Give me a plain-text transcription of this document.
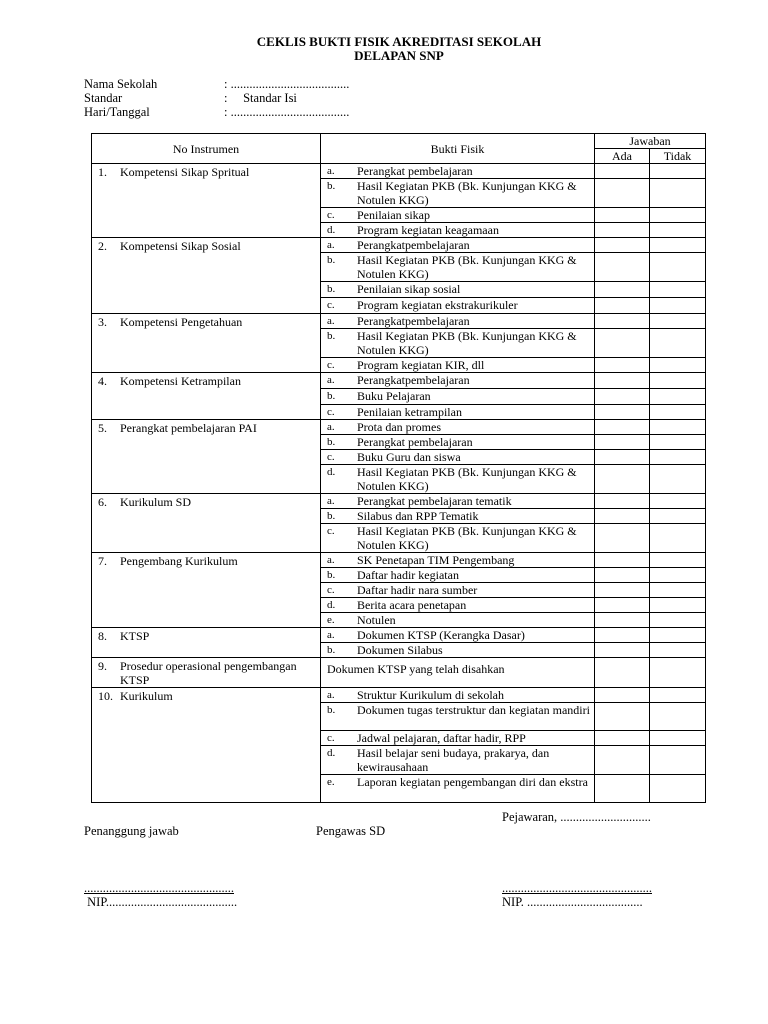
CEKLIS BUKTI FISIK AKREDITASI SEKOLAH
DELAPAN SNP
Nama Sekolah	: ......................................
Standar	:     Standar Isi
Hari/Tanggal	: ......................................
No Instrumen	Bukti Fisik	Jawaban	
		Ada	Tidak

1. Kompetensi Sikap Spritual	a. Perangkat pembelajaran		

	b. Hasil Kegiatan PKB (Bk. Kunjungan KKG & Notulen KKG)		

	c. Penilaian sikap		

	d. Program kegiatan keagamaan		

2. Kompetensi Sikap Sosial	a. Perangkatpembelajaran		

	b. Hasil Kegiatan PKB (Bk. Kunjungan KKG & Notulen KKG)		

	b. Penilaian sikap sosial		

	c. Program kegiatan ekstrakurikuler		

3. Kompetensi Pengetahuan	a. Perangkatpembelajaran		

	b. Hasil Kegiatan PKB (Bk. Kunjungan KKG & Notulen KKG)		

	c. Program kegiatan KIR, dll		

4. Kompetensi Ketrampilan	a. Perangkatpembelajaran		

	b. Buku Pelajaran		

	c. Penilaian ketrampilan		

5. Perangkat pembelajaran PAI	a. Prota dan promes		

	b. Perangkat pembelajaran		

	c. Buku Guru dan siswa		

	d. Hasil Kegiatan PKB (Bk. Kunjungan KKG & Notulen KKG)		

6. Kurikulum SD	a. Perangkat pembelajaran tematik		

	b. Silabus dan RPP Tematik		

	c. Hasil Kegiatan PKB (Bk. Kunjungan KKG & Notulen KKG)		

7. Pengembang Kurikulum	a. SK Penetapan TIM Pengembang		

	b. Daftar hadir kegiatan		

	c. Daftar hadir nara sumber		

	d. Berita acara penetapan		

	e. Notulen		

8. KTSP	a. Dokumen KTSP (Kerangka Dasar)		

	b. Dokumen Silabus		

9. Prosedur operasional pengembangan KTSP	Dokumen KTSP yang telah disahkan		

10. Kurikulum	a. Struktur Kurikulum di sekolah		

	b. Dokumen tugas terstruktur dan kegiatan mandiri		

	c. Jadwal pelajaran, daftar hadir, RPP		

	d. Hasil belajar seni budaya, prakarya, dan kewirausahaan		

	e. Laporan kegiatan pengembangan diri dan ekstra		

Pejawaran, .............................
Penanggung jawab	Pengawas SD
................................................
NIP..........................................
................................................
NIP. .....................................
